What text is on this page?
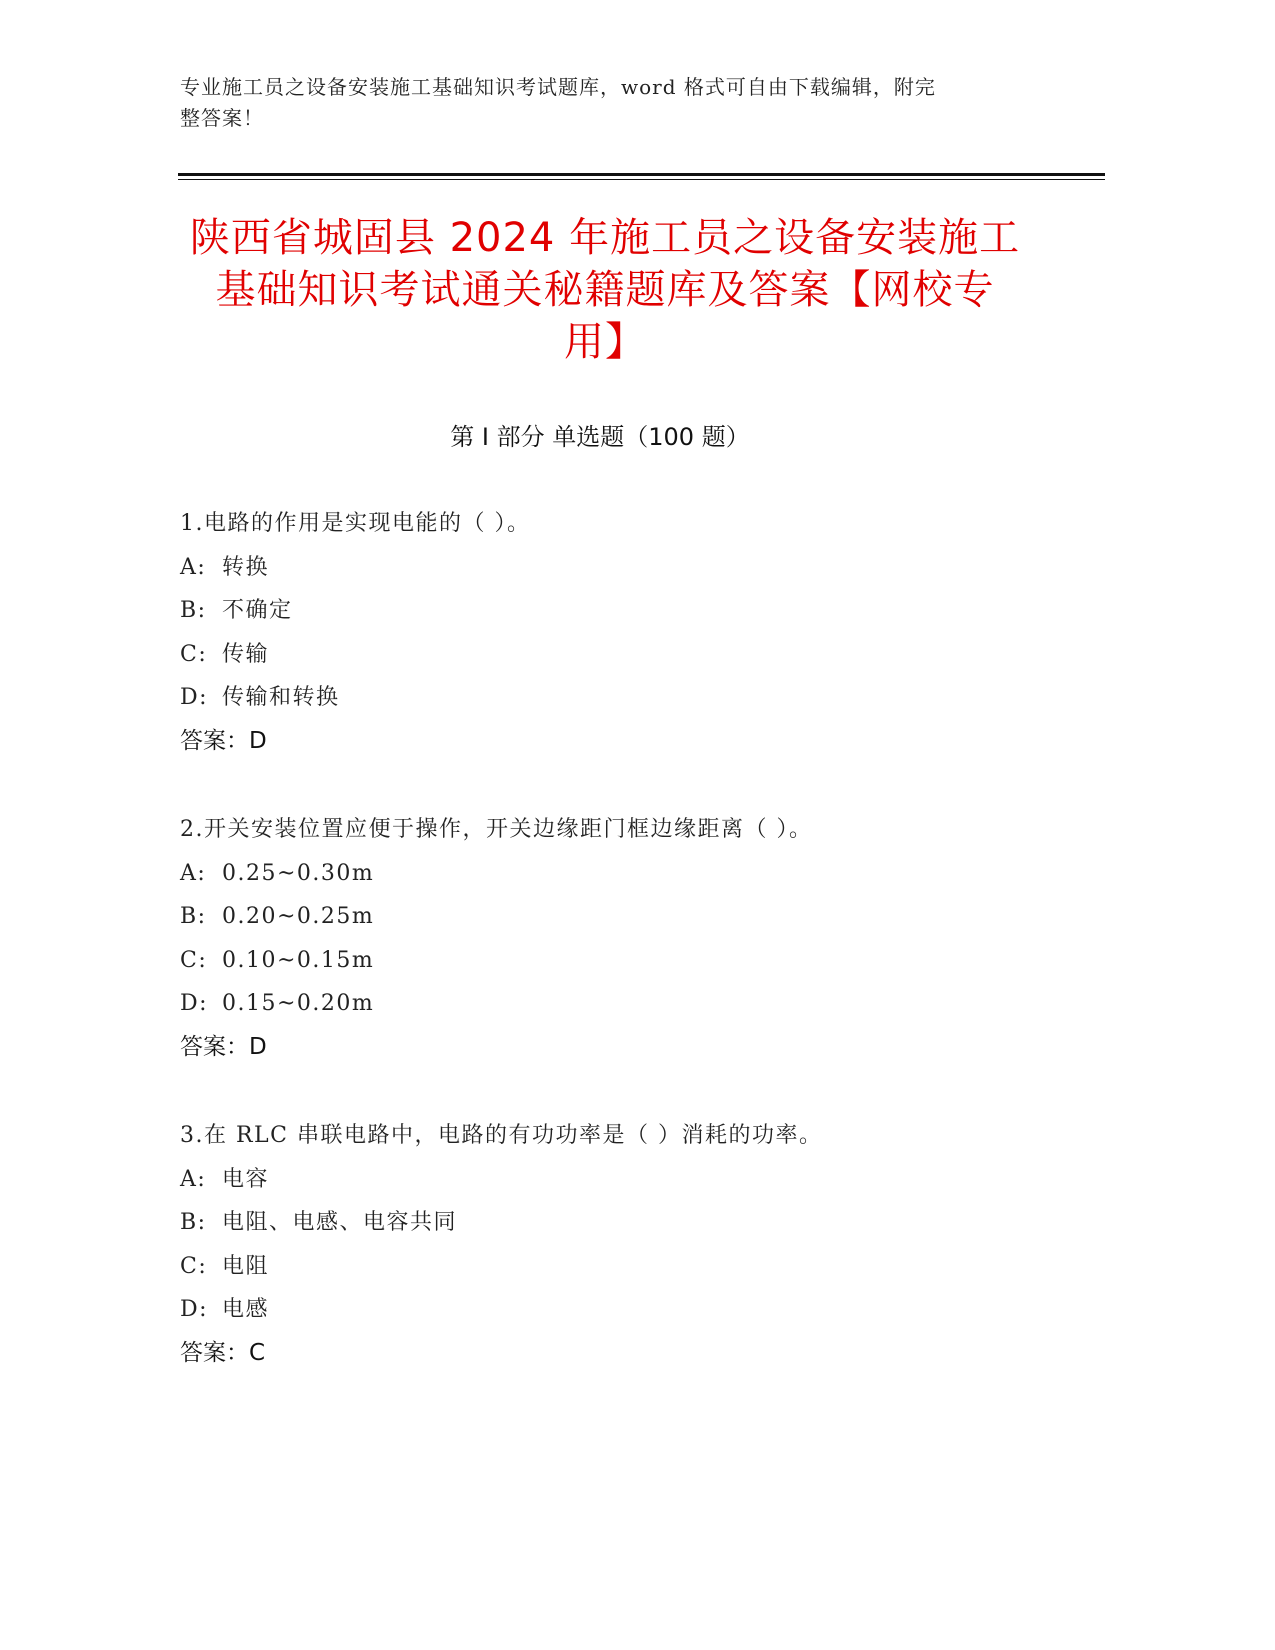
专业施工员之设备安装施工基础知识考试题库，word 格式可自由下载编辑，附完
整答案！
陕西省城固县 2024 年施工员之设备安装施工
基础知识考试通关秘籍题库及答案【网校专
用】
第 I 部分 单选题（100 题）
1.电路的作用是实现电能的（ ）。
A: 转换
B: 不确定
C: 传输
D: 传输和转换
答案：D
2.开关安装位置应便于操作，开关边缘距门框边缘距离（ ）。
A: 0.25~0.30m
B: 0.20~0.25m
C: 0.10~0.15m
D: 0.15~0.20m
答案：D
3.在 RLC 串联电路中，电路的有功功率是（ ）消耗的功率。
A: 电容
B: 电阻、电感、电容共同
C: 电阻
D: 电感
答案：C
